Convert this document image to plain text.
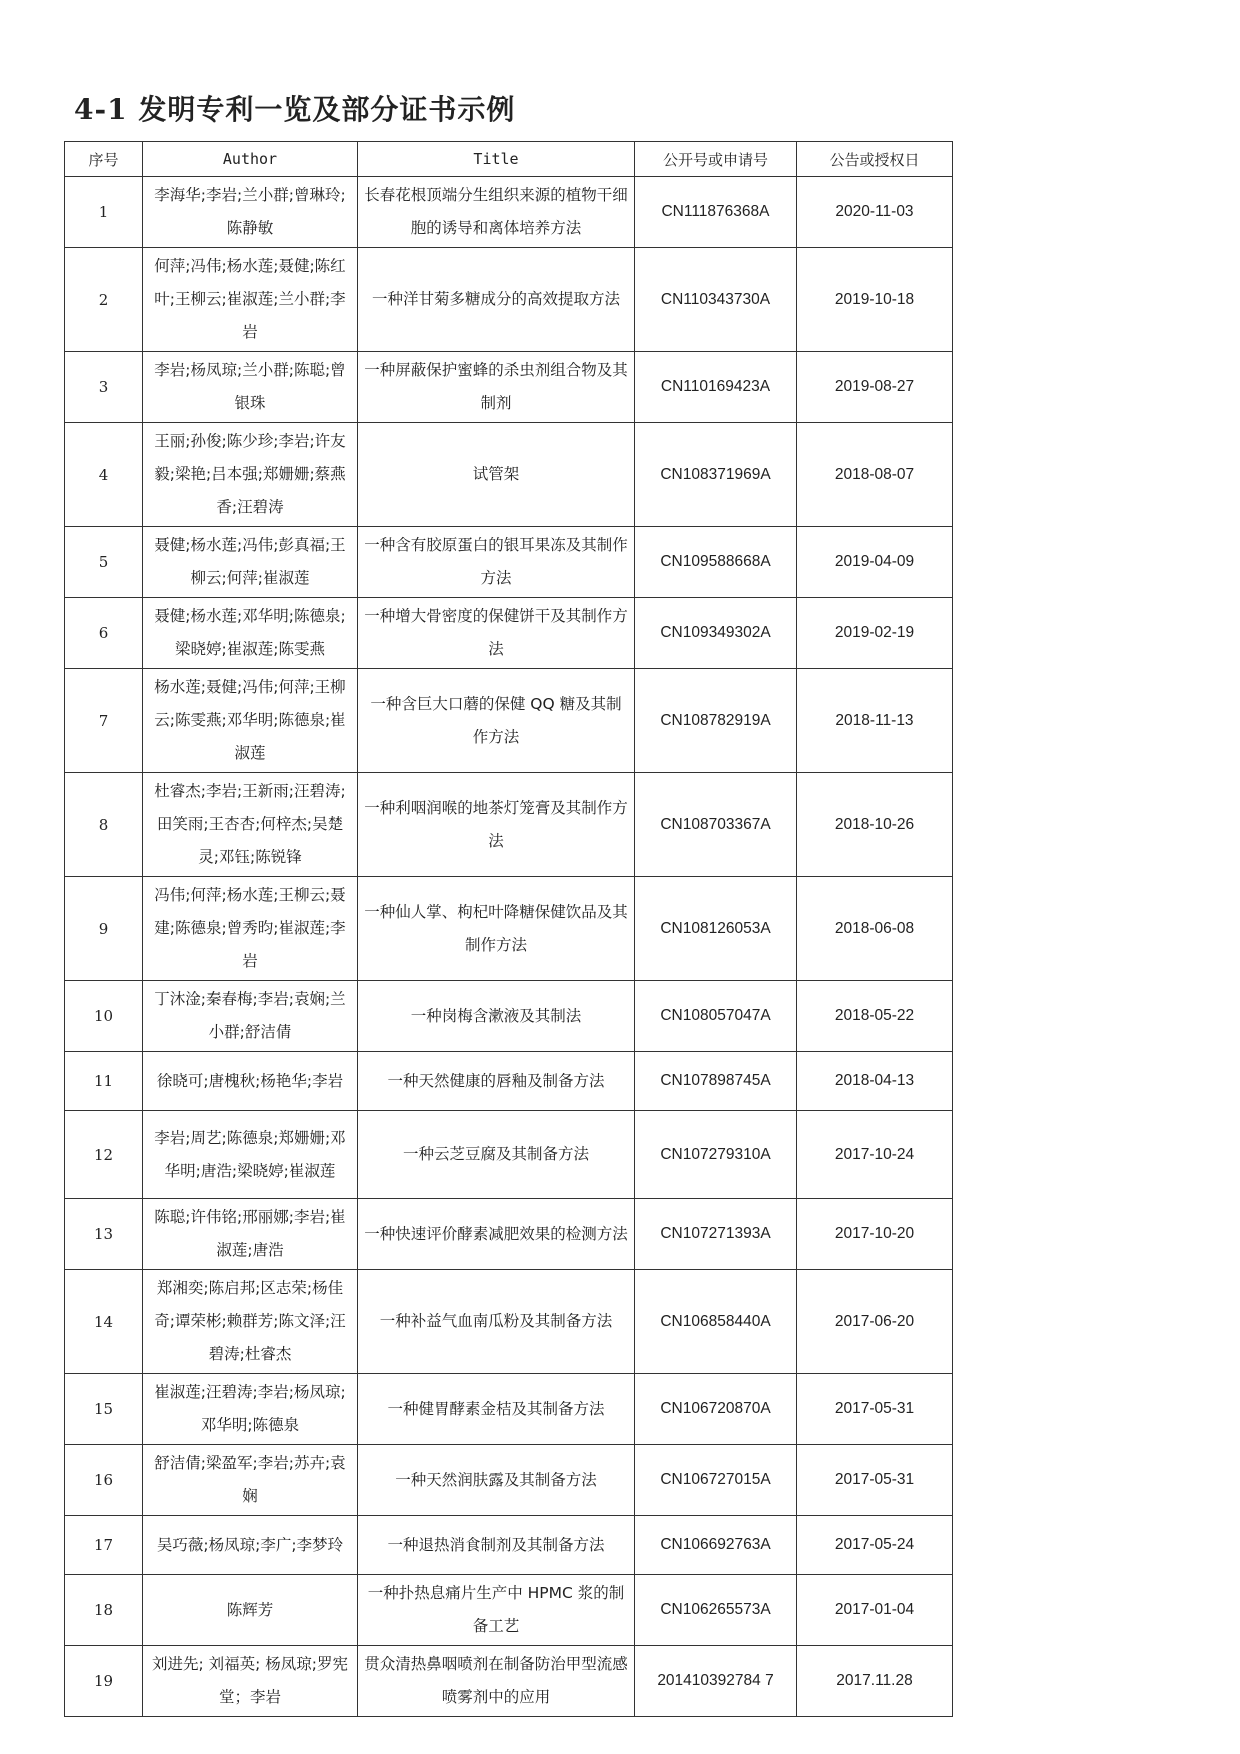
4-1 发明专利一览及部分证书示例
序号	Author	Title	公开号或申请号	公告或授权日
1	李海华;李岩;兰小群;曾琳玲;陈静敏	长春花根顶端分生组织来源的植物干细胞的诱导和离体培养方法	CN111876368A	2020-11-03
2	何萍;冯伟;杨水莲;聂健;陈红叶;王柳云;崔淑莲;兰小群;李岩	一种洋甘菊多糖成分的高效提取方法	CN110343730A	2019-10-18
3	李岩;杨凤琼;兰小群;陈聪;曾银珠	一种屏蔽保护蜜蜂的杀虫剂组合物及其制剂	CN110169423A	2019-08-27
4	王丽;孙俊;陈少珍;李岩;许友毅;梁艳;吕本强;郑姗姗;蔡燕香;汪碧涛	试管架	CN108371969A	2018-08-07
5	聂健;杨水莲;冯伟;彭真福;王柳云;何萍;崔淑莲	一种含有胶原蛋白的银耳果冻及其制作方法	CN109588668A	2019-04-09
6	聂健;杨水莲;邓华明;陈德泉;梁晓婷;崔淑莲;陈雯燕	一种增大骨密度的保健饼干及其制作方法	CN109349302A	2019-02-19
7	杨水莲;聂健;冯伟;何萍;王柳云;陈雯燕;邓华明;陈德泉;崔淑莲	一种含巨大口蘑的保健 QQ 糖及其制作方法	CN108782919A	2018-11-13
8	杜睿杰;李岩;王新雨;汪碧涛;田笑雨;王杏杏;何梓杰;吴楚灵;邓钰;陈锐锋	一种利咽润喉的地茶灯笼膏及其制作方法	CN108703367A	2018-10-26
9	冯伟;何萍;杨水莲;王柳云;聂建;陈德泉;曾秀昀;崔淑莲;李岩	一种仙人掌、枸杞叶降糖保健饮品及其制作方法	CN108126053A	2018-06-08
10	丁沐淦;秦春梅;李岩;袁娴;兰小群;舒洁倩	一种岗梅含漱液及其制法	CN108057047A	2018-05-22
11	徐晓可;唐槐秋;杨艳华;李岩	一种天然健康的唇釉及制备方法	CN107898745A	2018-04-13
12	李岩;周艺;陈德泉;郑姗姗;邓华明;唐浩;梁晓婷;崔淑莲	一种云芝豆腐及其制备方法	CN107279310A	2017-10-24
13	陈聪;许伟铭;邢丽娜;李岩;崔淑莲;唐浩	一种快速评价酵素减肥效果的检测方法	CN107271393A	2017-10-20
14	郑湘奕;陈启邦;区志荣;杨佳奇;谭荣彬;赖群芳;陈文泽;汪碧涛;杜睿杰	一种补益气血南瓜粉及其制备方法	CN106858440A	2017-06-20
15	崔淑莲;汪碧涛;李岩;杨凤琼;邓华明;陈德泉	一种健胃酵素金桔及其制备方法	CN106720870A	2017-05-31
16	舒洁倩;梁盈军;李岩;苏卉;袁娴	一种天然润肤露及其制备方法	CN106727015A	2017-05-31
17	吴巧薇;杨凤琼;李广;李梦玲	一种退热消食制剂及其制备方法	CN106692763A	2017-05-24
18	陈辉芳	一种扑热息痛片生产中 HPMC 浆的制备工艺	CN106265573A	2017-01-04
19	刘进先; 刘福英; 杨凤琼;罗宪堂；李岩	贯众清热鼻咽喷剂在制备防治甲型流感喷雾剂中的应用	201410392784 7	2017.11.28
